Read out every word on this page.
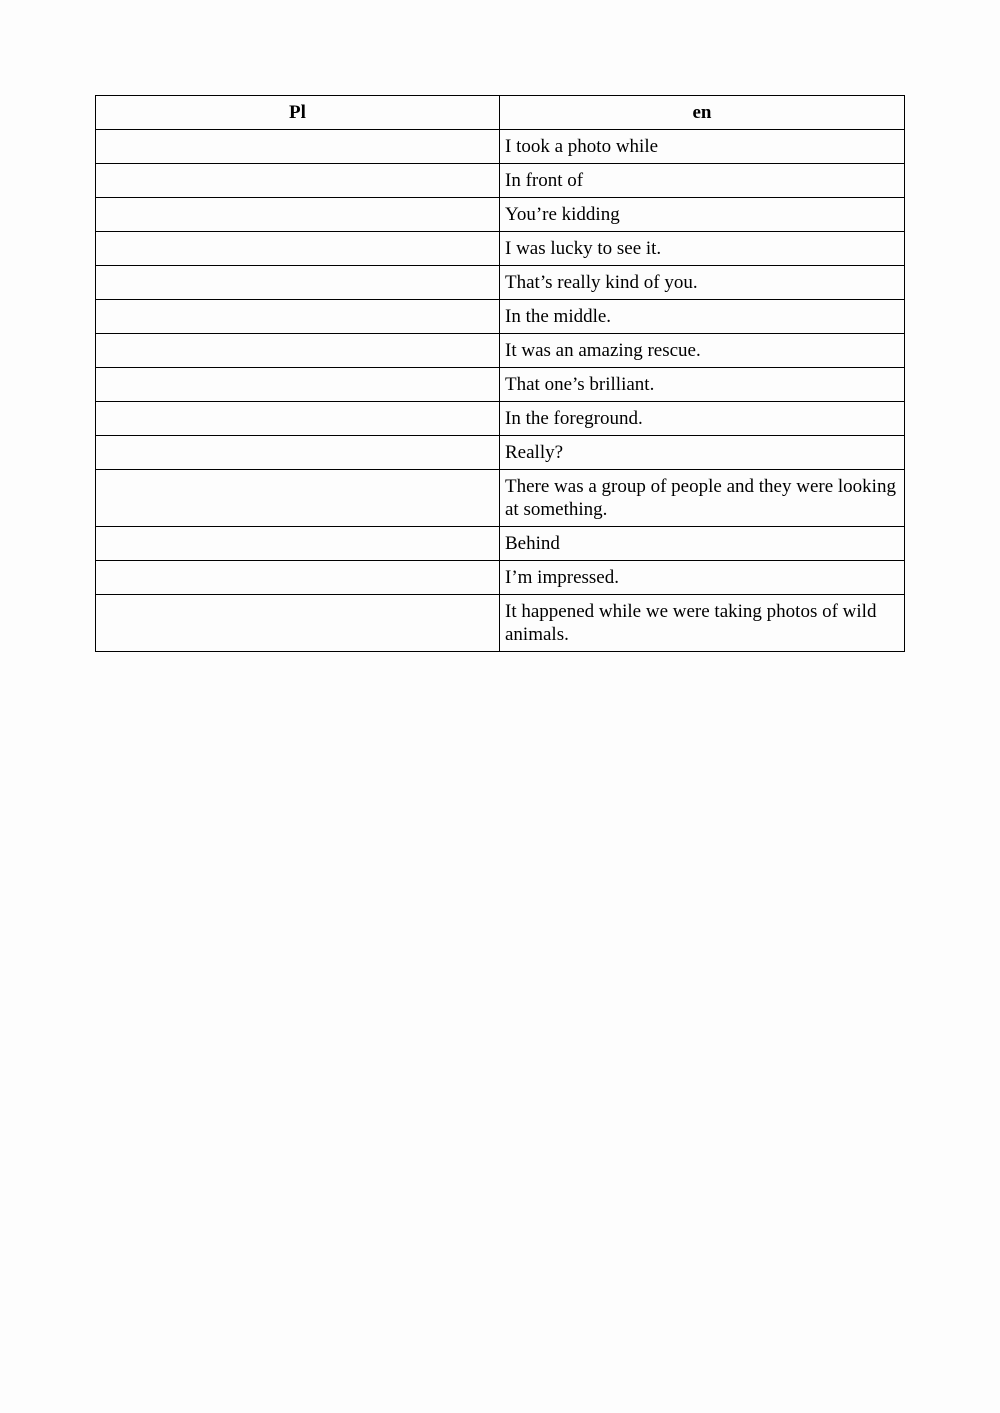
Pl	en
	I took a photo while
	In front of
	You’re kidding
	I was lucky to see it.
	That’s really kind of you.
	In the middle.
	It was an amazing rescue.
	That one’s brilliant.
	In the foreground.
	Really?
	There was a group of people and they were looking at something.
	Behind
	I’m impressed.
	It happened while we were taking photos of wild animals.
